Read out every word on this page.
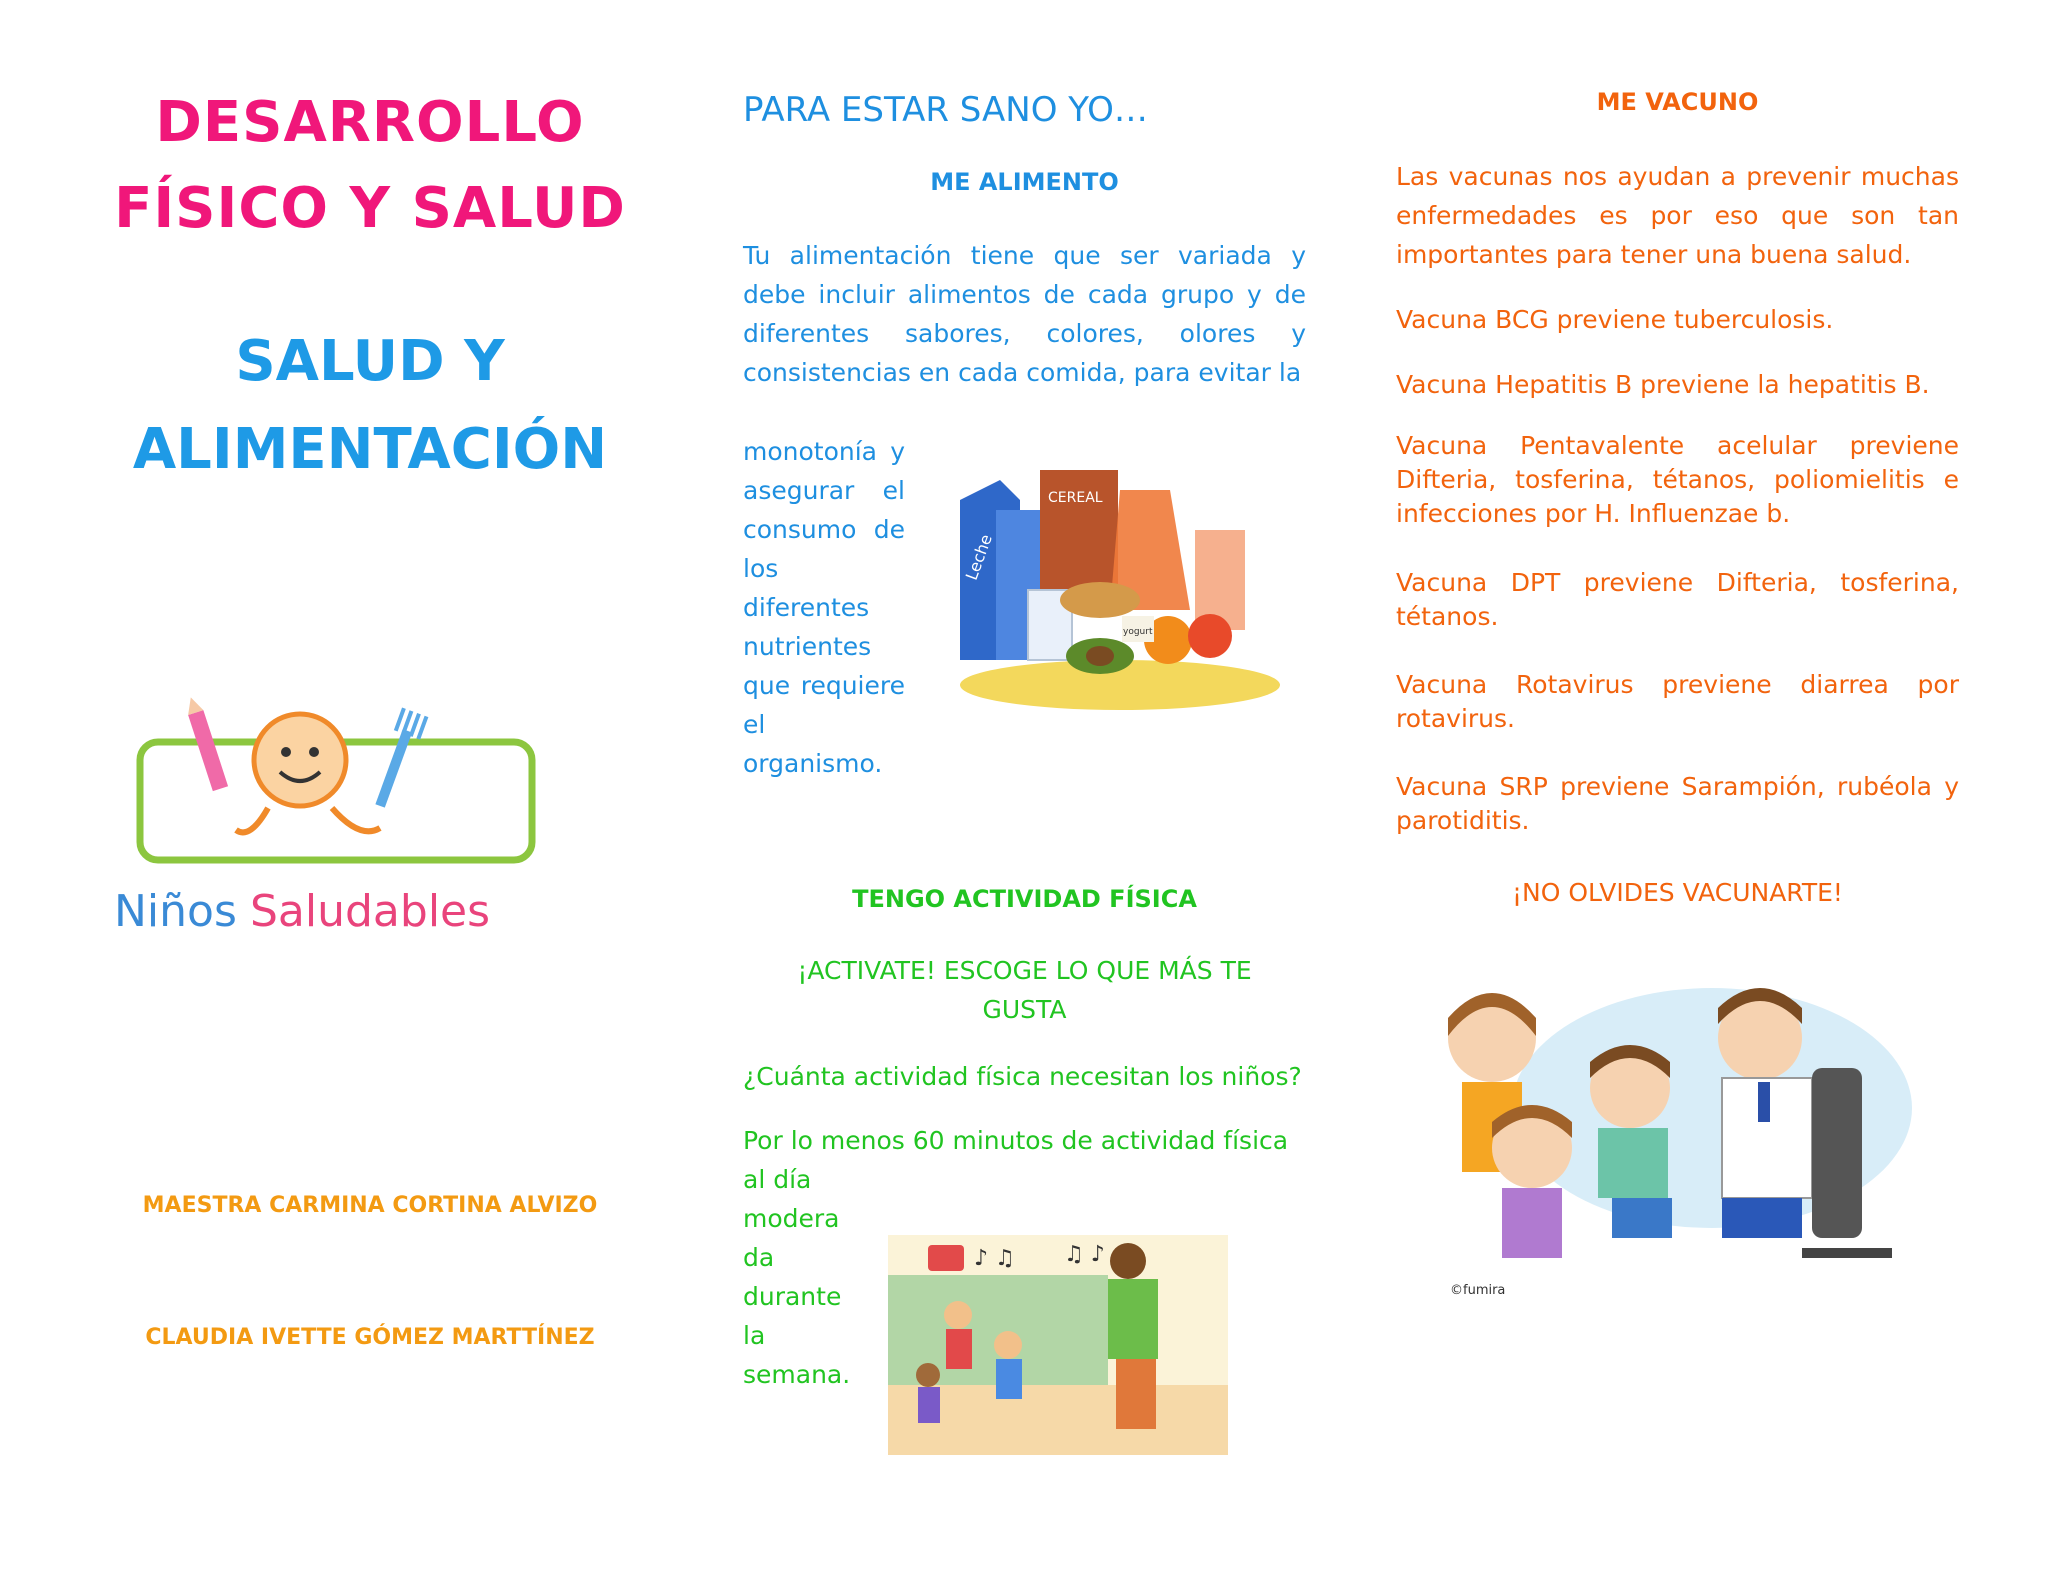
DESARROLLO
FÍSICO Y SALUD
SALUD Y
ALIMENTACIÓN
Niños Saludables
MAESTRA CARMINA CORTINA ALVIZO
CLAUDIA IVETTE GÓMEZ MARTTÍNEZ
PARA ESTAR SANO YO…
ME ALIMENTO
Tu alimentación tiene que ser variada y debe incluir alimentos de cada grupo y de diferentes sabores, colores, olores y consistencias en cada comida, para evitar la
monotonía y asegurar el consumo de los diferentes nutrientes que requiere el organismo.
Leche
CEREAL
yogurt
TENGO ACTIVIDAD FÍSICA
¡ACTIVATE! ESCOGE LO QUE MÁS TE GUSTA
¿Cuánta actividad física necesitan los niños?
Por lo menos 60 minutos de actividad física
al día modera da durante la semana.
♪ ♫ ♫ ♪
ME VACUNO
Las vacunas nos ayudan a prevenir muchas enfermedades es por eso que son tan importantes para tener una buena salud.
Vacuna BCG previene tuberculosis.
Vacuna Hepatitis B previene la hepatitis B.
Vacuna Pentavalente acelular previene Difteria, tosferina, tétanos, poliomielitis e infecciones por H. Influenzae b.
Vacuna DPT previene Difteria, tosferina, tétanos.
Vacuna Rotavirus previene diarrea por rotavirus.
Vacuna SRP previene Sarampión, rubéola y parotiditis.
¡NO OLVIDES VACUNARTE!
©fumira
